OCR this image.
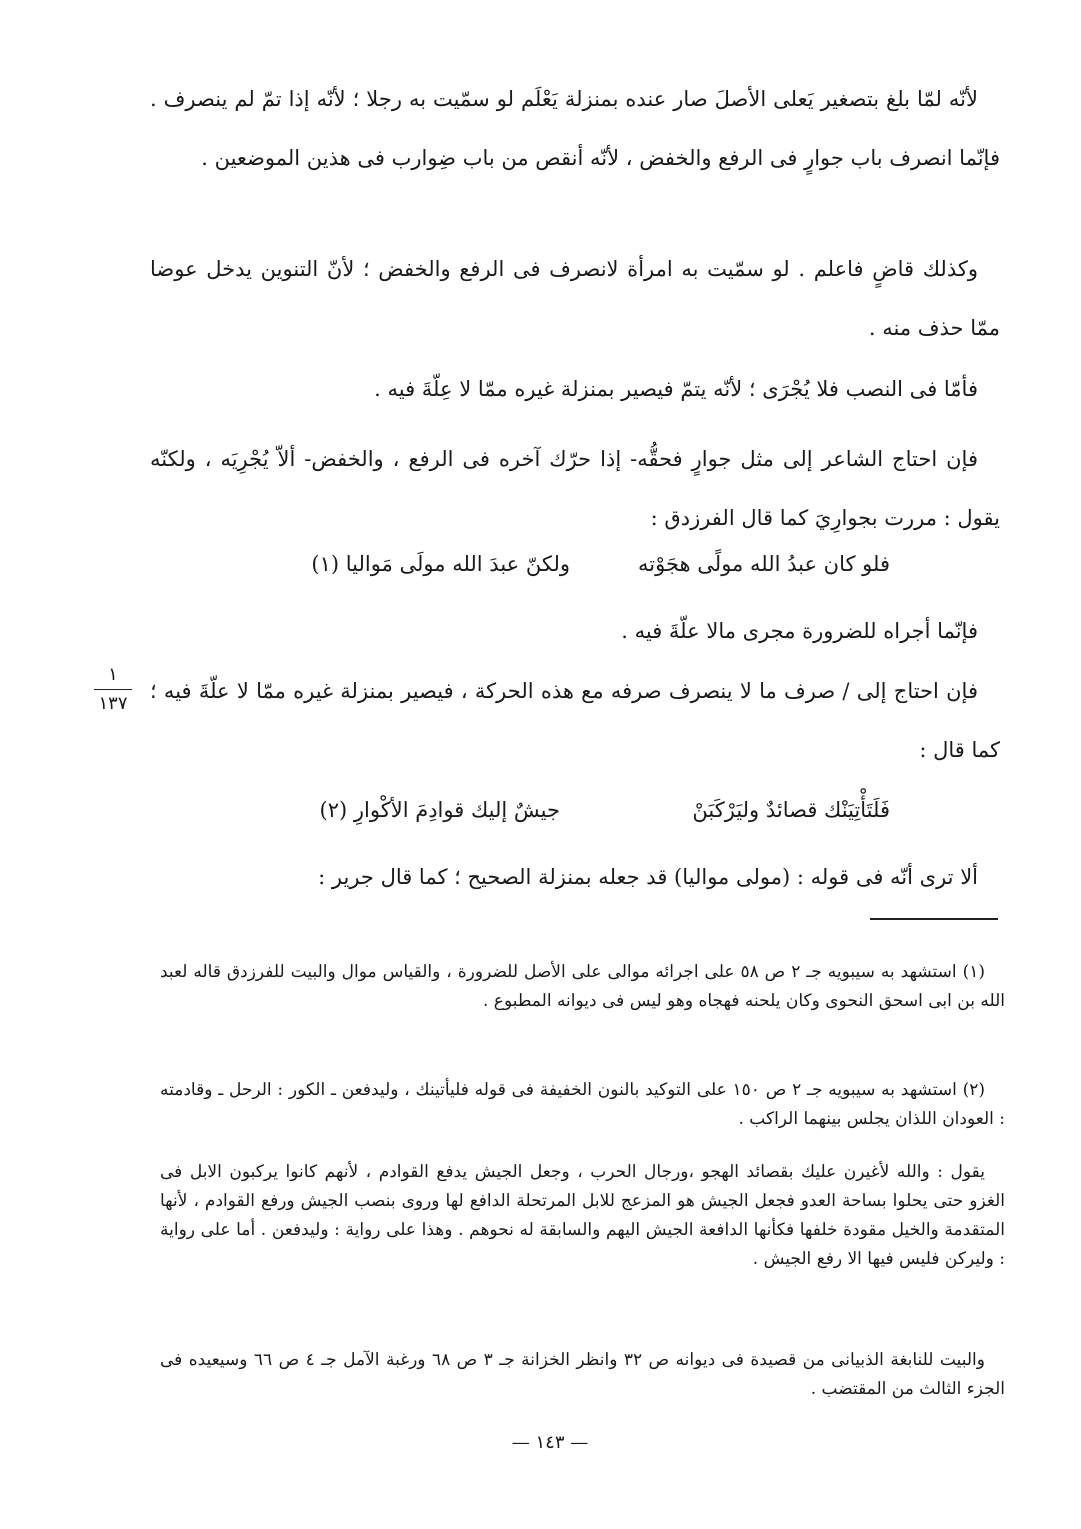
لأنّه لمّا بلغ بتصغير يَعلى الأصلَ صار عنده بمنزلة يَعْلَم لو سمّيت به رجلا ؛ لأنّه إذا تمّ لم ينصرف . فإنّما انصرف باب جوارٍ فى الرفع والخفض ، لأنّه أنقص من باب ضِوارب فى هذين الموضعين .
وكذلك قاضٍ فاعلم . لو سمّيت به امرأة لانصرف فى الرفع والخفض ؛ لأنّ التنوين يدخل عوضا ممّا حذف منه .
فأمّا فى النصب فلا يُجْرَى ؛ لأنّه يتمّ فيصير بمنزلة غيره ممّا لا عِلّةَ فيه .
فإن احتاج الشاعر إلى مثل جوارٍ فحقُّه- إذا حرّك آخره فى الرفع ، والخفض- ألاّ يُجْرِيَه ، ولكنّه يقول : مررت بجوارِيَ كما قال الفرزدق :
فلو كان عبدُ الله مولًى هجَوْته
ولكنّ عبدَ الله مولَى مَواليا (١)
فإنّما أجراه للضرورة مجرى مالا علّةَ فيه .
فإن احتاج إلى / صرف ما لا ينصرف صرفه مع هذه الحركة ، فيصير بمنزلة غيره ممّا لا علّةَ فيه ؛ كما قال :
١
١٣٧
فَلَتَأْتِيَنْك قصائدٌ وليَرْكَبَنْ
جيشٌ إليك قوادِمَ الأكْوارِ (٢)
ألا ترى أنّه فى قوله : (مولى مواليا) قد جعله بمنزلة الصحيح ؛ كما قال جرير :
(١) استشهد به سيبويه جـ ٢ ص ٥٨ على اجرائه موالى على الأصل للضرورة ، والقياس موال والبيت للفرزدق قاله لعبد الله بن ابى اسحق النحوى وكان يلحنه فهجاه وهو ليس فى ديوانه المطبوع .
(٢) استشهد به سيبويه جـ ٢ ص ١٥٠ على التوكيد بالنون الخفيفة فى قوله فليأتينك ، وليدفعن ـ الكور : الرحل ـ وقادمته : العودان اللذان يجلس بينهما الراكب .
يقول : والله لأغيرن عليك بقصائد الهجو ،ورجال الحرب ، وجعل الجيش يدفع القوادم ، لأنهم كانوا يركبون الابل فى الغزو حتى يحلوا بساحة العدو فجعل الجيش هو المزعج للابل المرتحلة الدافع لها وروى بنصب الجيش ورفع القوادم ، لأنها المتقدمة والخيل مقودة خلفها فكأنها الدافعة الجيش اليهم والسابقة له نحوهم . وهذا على رواية : وليدفعن . أما على رواية : وليركن فليس فيها الا رفع الجيش .
والبيت للنابغة الذبيانى من قصيدة فى ديوانه ص ٣٢ وانظر الخزانة جـ ٣ ص ٦٨ ورغبة الآمل جـ ٤ ص ٦٦ وسيعيده فى الجزء الثالث من المقتضب .
— ١٤٣ —
